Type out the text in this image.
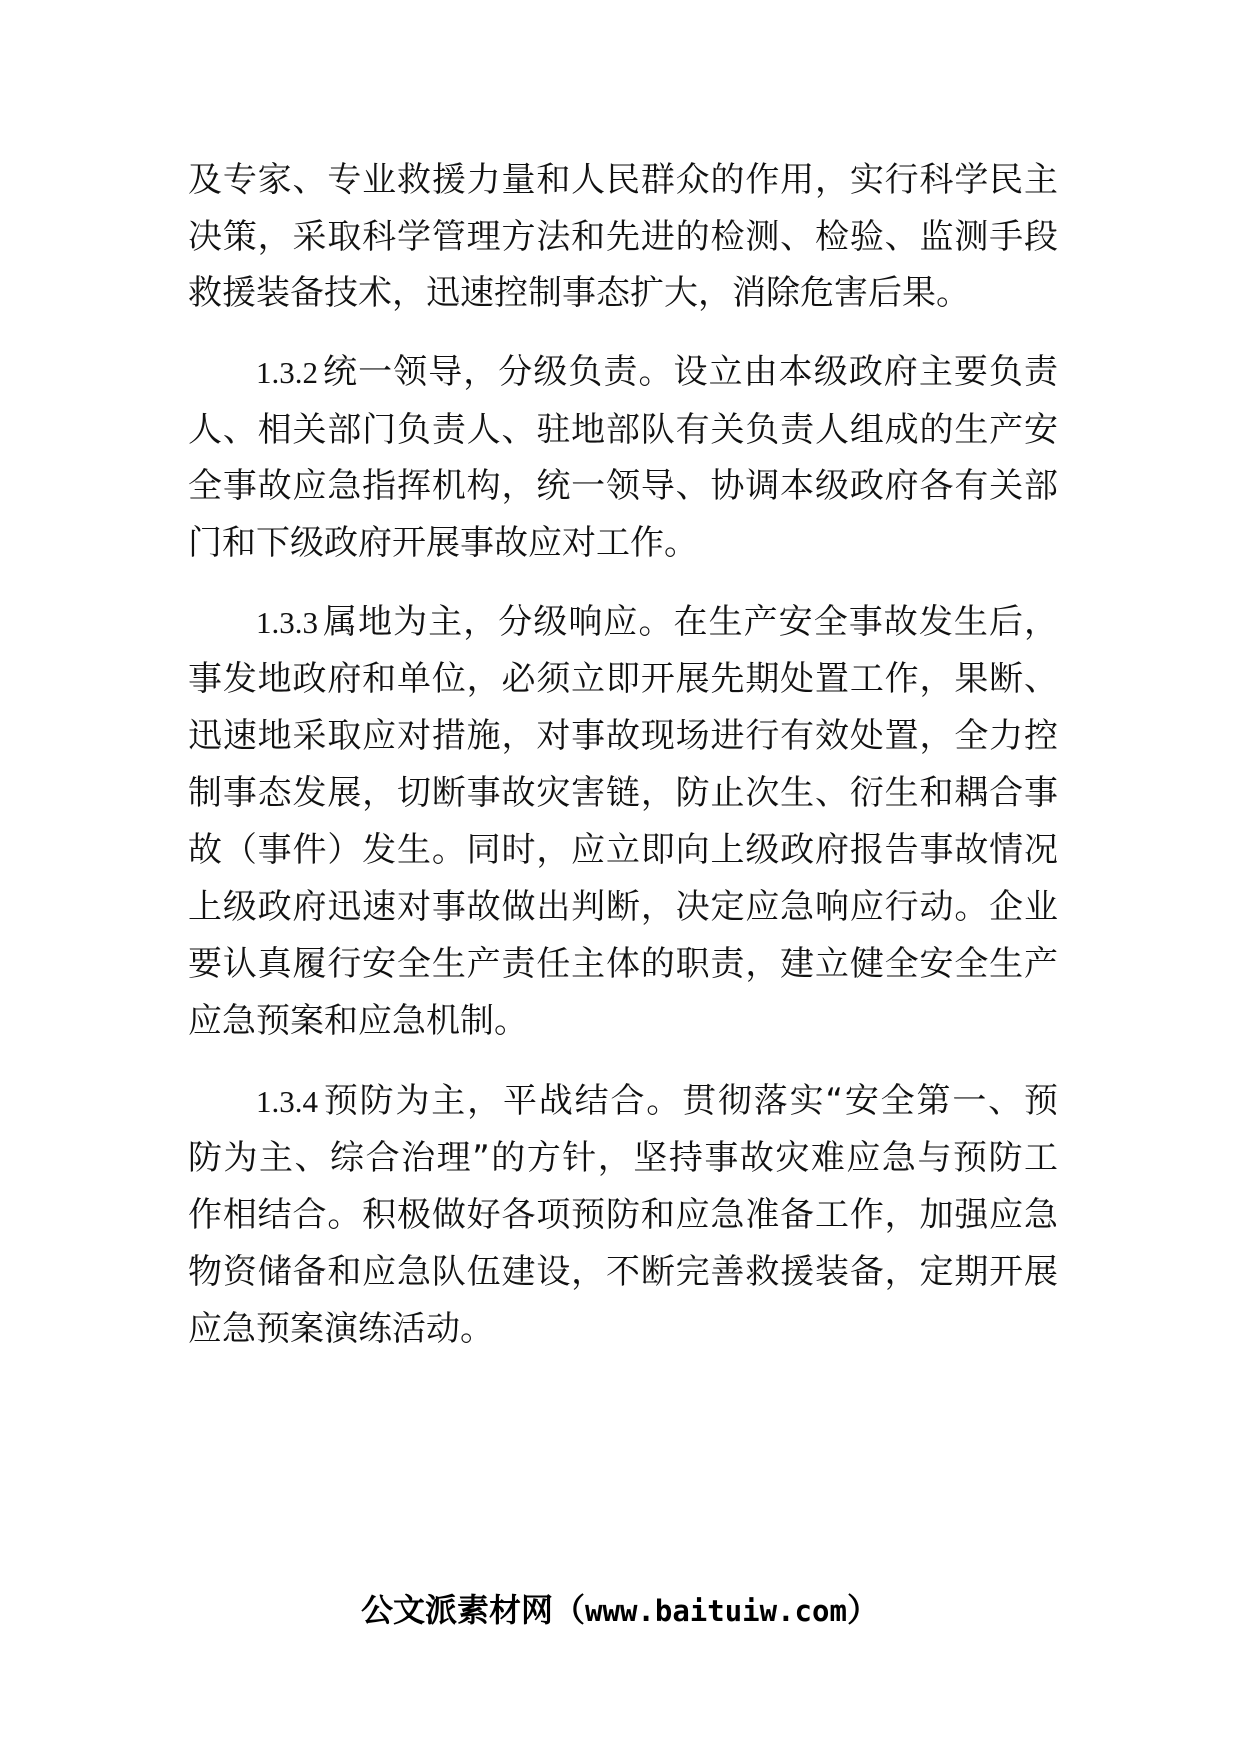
及专家、专业救援力量和人民群众的作用，实行科学民主
决策，采取科学管理方法和先进的检测、检验、监测手段
救援装备技术，迅速控制事态扩大，消除危害后果。
1.3.2 统一领导，分级负责。设立由本级政府主要负责
人、相关部门负责人、驻地部队有关负责人组成的生产安
全事故应急指挥机构，统一领导、协调本级政府各有关部
门和下级政府开展事故应对工作。
1.3.3 属地为主，分级响应。在生产安全事故发生后，
事发地政府和单位，必须立即开展先期处置工作，果断、
迅速地采取应对措施，对事故现场进行有效处置，全力控
制事态发展，切断事故灾害链，防止次生、衍生和耦合事
故（事件）发生。同时，应立即向上级政府报告事故情况
上级政府迅速对事故做出判断，决定应急响应行动。企业
要认真履行安全生产责任主体的职责，建立健全安全生产
应急预案和应急机制。
1.3.4 预防为主，平战结合。贯彻落实“安全第一、预
防为主、综合治理”的方针，坚持事故灾难应急与预防工
作相结合。积极做好各项预防和应急准备工作，加强应急
物资储备和应急队伍建设，不断完善救援装备，定期开展
应急预案演练活动。
公文派素材网（www.baituiw.com）
